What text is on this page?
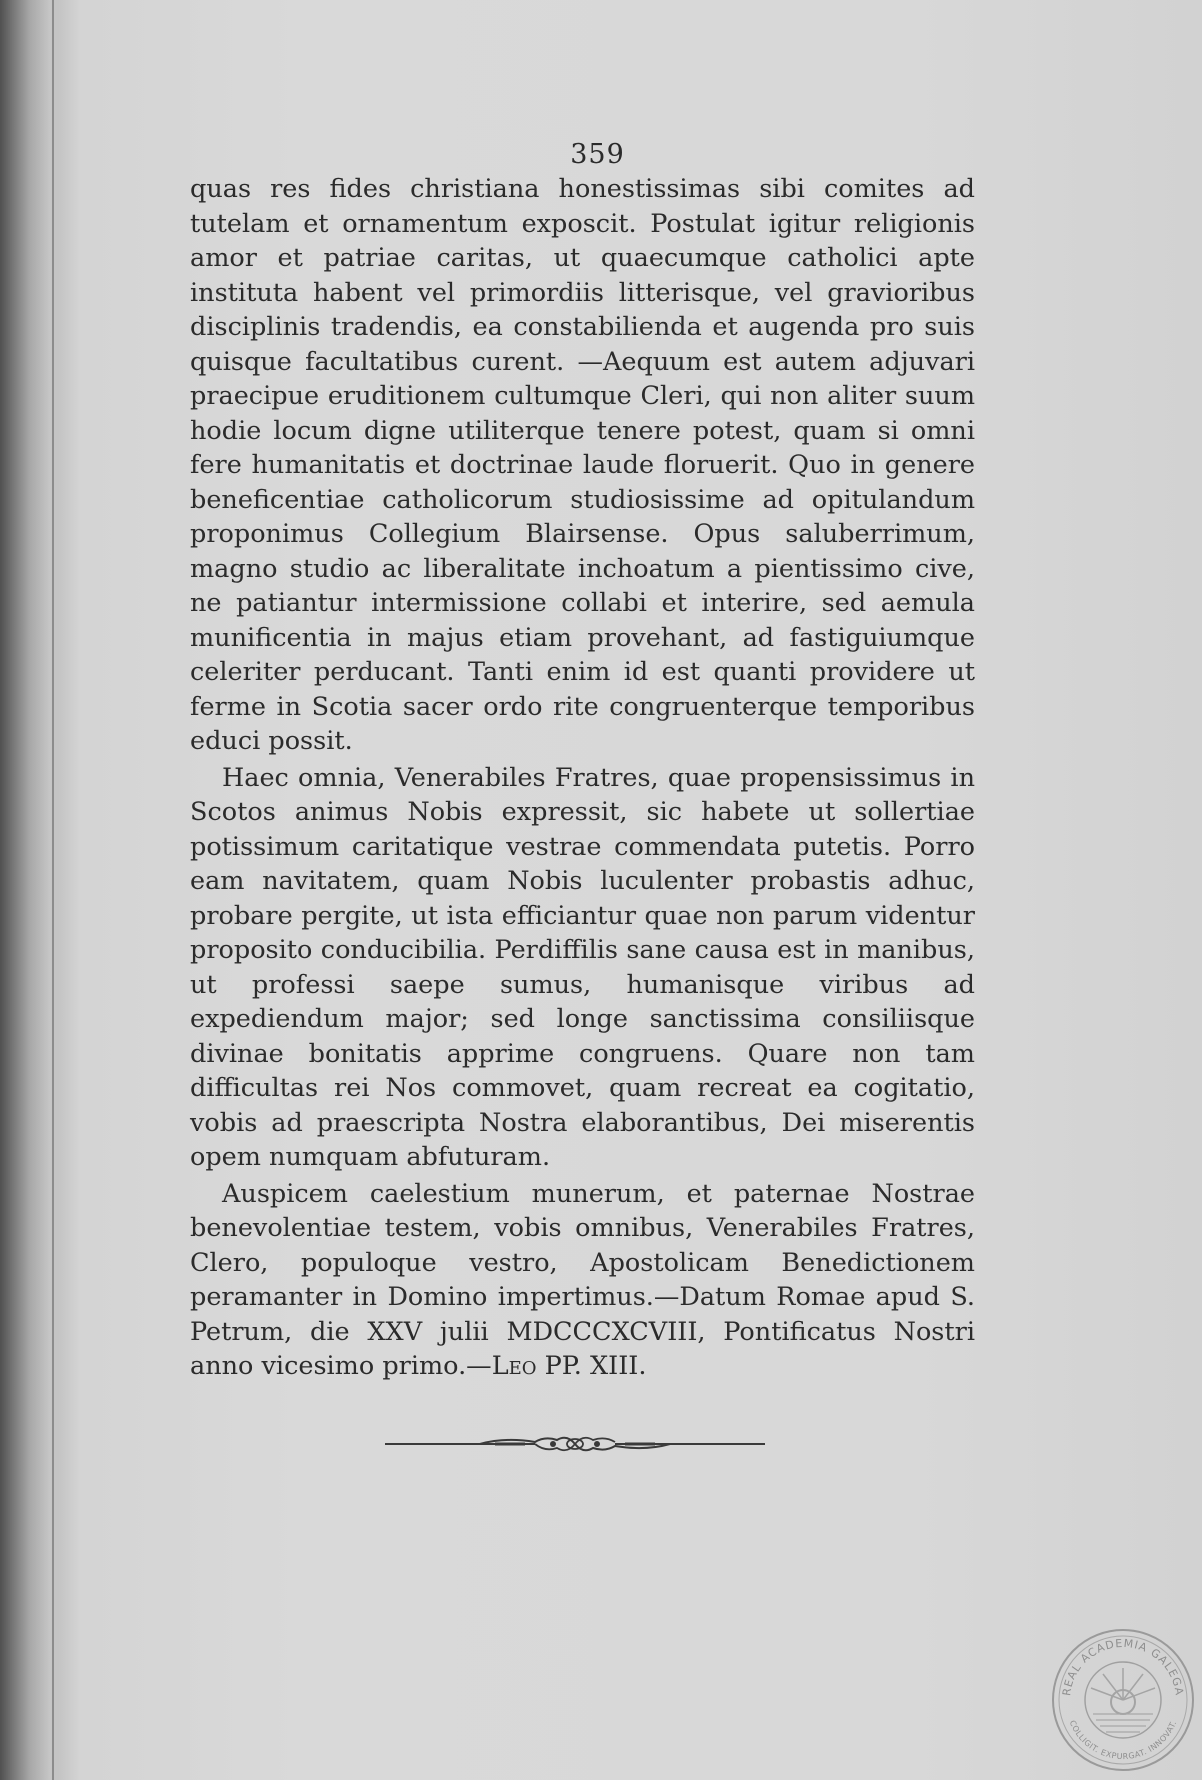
359

quas res fides christiana honestissimas sibi comites ad tutelam et ornamentum exposcit. Postulat igitur religionis amor et patriae caritas, ut quaecumque catholici apte instituta habent vel primordiis litterisque, vel gravioribus disciplinis tradendis, ea constabilienda et augenda pro suis quisque facultatibus curent. —Aequum est autem adjuvari praecipue eruditionem cultumque Cleri, qui non aliter suum hodie locum digne utiliterque tenere potest, quam si omni fere humanitatis et doctrinae laude floruerit. Quo in genere beneficentiae catholicorum studiosissime ad opitulandum proponimus Collegium Blairsense. Opus saluberrimum, magno studio ac liberalitate inchoatum a pientissimo cive, ne patiantur intermissione collabi et interire, sed aemula munificentia in majus etiam provehant, ad fastiguiumque celeriter perducant. Tanti enim id est quanti providere ut ferme in Scotia sacer ordo rite congruenterque temporibus educi possit.

Haec omnia, Venerabiles Fratres, quae propensissimus in Scotos animus Nobis expressit, sic habete ut sollertiae potissimum caritatique vestrae commendata putetis. Porro eam navitatem, quam Nobis luculenter probastis adhuc, probare pergite, ut ista efficiantur quae non parum videntur proposito conducibilia. Perdiffilis sane causa est in manibus, ut professi saepe sumus, humanisque viribus ad expediendum major; sed longe sanctissima consiliisque divinae bonitatis apprime congruens. Quare non tam difficultas rei Nos commovet, quam recreat ea cogitatio, vobis ad praescripta Nostra elaborantibus, Dei miserentis opem numquam abfuturam.

Auspicem caelestium munerum, et paternae Nostrae benevolentiae testem, vobis omnibus, Venerabiles Fratres, Clero, populoque vestro, Apostolicam Benedictionem peramanter in Domino impertimus.—Datum Romae apud S. Petrum, die XXV julii MDCCCXCVIII, Pontificatus Nostri anno vicesimo primo.—Leo PP. XIII.

REAL ACADEMIA GALEGA
COLLIGIT. EXPURGAT. INNOVAT.
